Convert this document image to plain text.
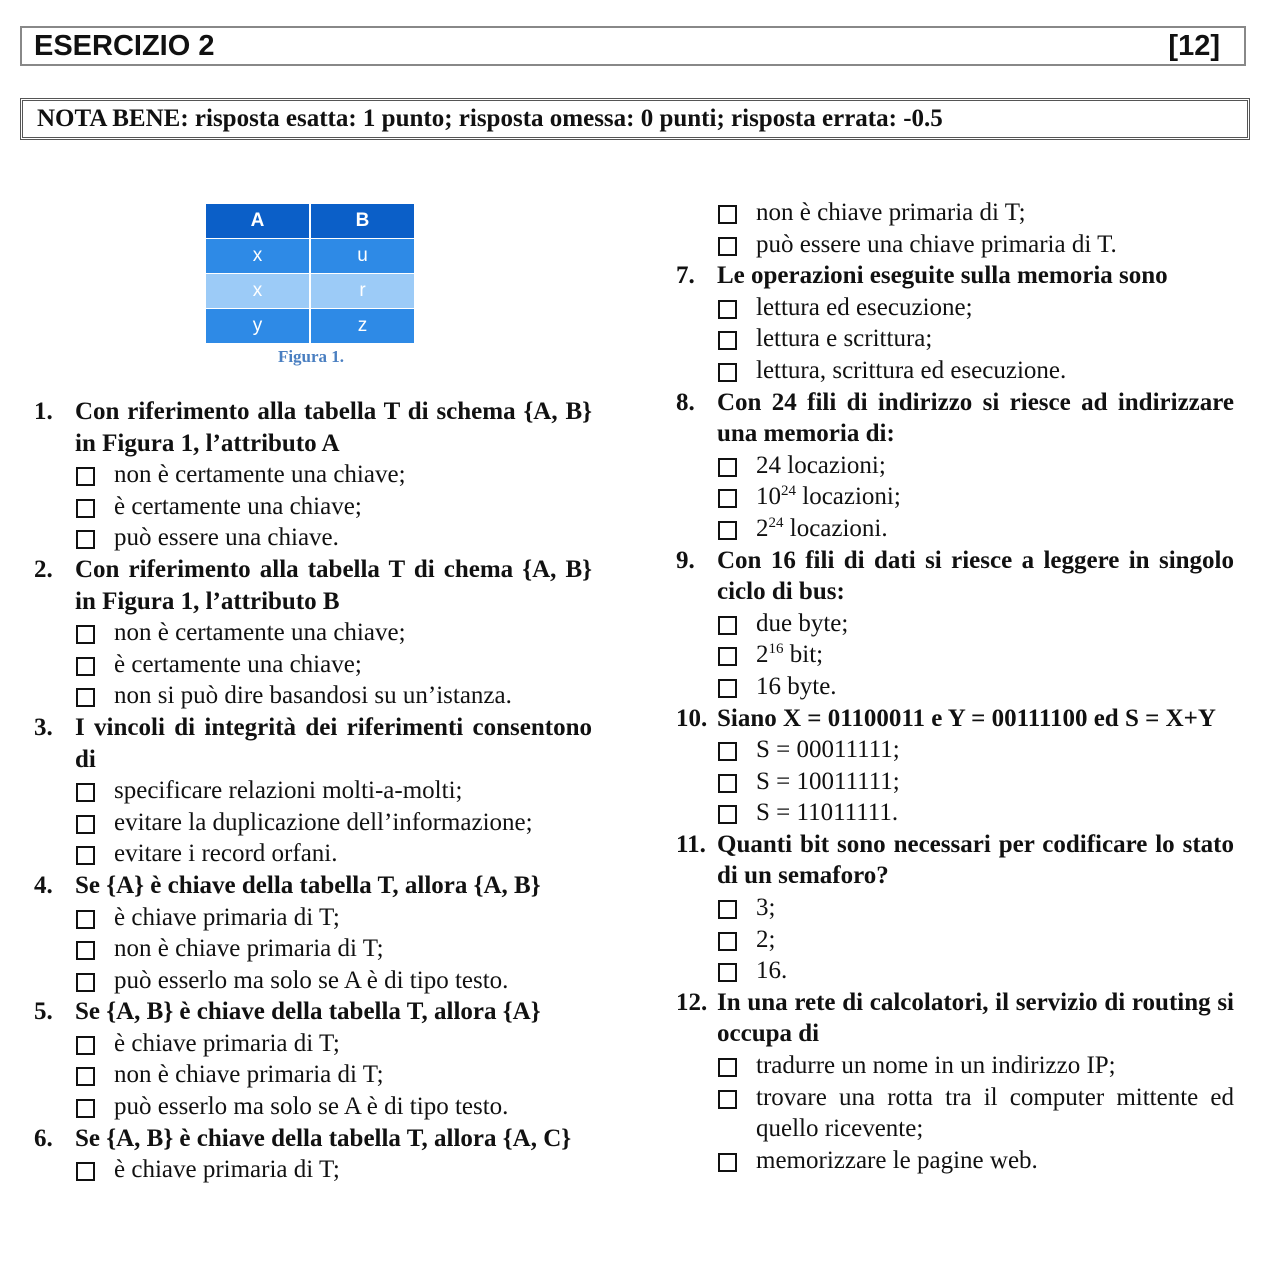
ESERCIZIO 2	[12]
NOTA BENE: risposta esatta: 1 punto; risposta omessa: 0 punti; risposta errata: -0.5
A	B
x	u
x	r
y	z
Figura 1.
1. Con riferimento alla tabella T di schema {A, B} in Figura 1, l’attributo A
non è certamente una chiave;
è certamente una chiave;
può essere una chiave.
2. Con riferimento alla tabella T di chema {A, B} in Figura 1, l’attributo B
non è certamente una chiave;
è certamente una chiave;
non si può dire basandosi su un’istanza.
3. I vincoli di integrità dei riferimenti consentono di
specificare relazioni molti-a-molti;
evitare la duplicazione dell’informazione;
evitare i record orfani.
4. Se {A} è chiave della tabella T, allora {A, B}
è chiave primaria di T;
non è chiave primaria di T;
può esserlo ma solo se A è di tipo testo.
5. Se {A, B} è chiave della tabella T, allora {A}
è chiave primaria di T;
non è chiave primaria di T;
può esserlo ma solo se A è di tipo testo.
6. Se {A, B} è chiave della tabella T, allora {A, C}
è chiave primaria di T;
non è chiave primaria di T;
può essere una chiave primaria di T.
7. Le operazioni eseguite sulla memoria sono
lettura ed esecuzione;
lettura e scrittura;
lettura, scrittura ed esecuzione.
8. Con 24 fili di indirizzo si riesce ad indirizzare una memoria di:
24 locazioni;
$10^{24}$ locazioni;
$2^{24}$ locazioni.
9. Con 16 fili di dati si riesce a leggere in singolo ciclo di bus:
due byte;
$2^{16}$ bit;
16 byte.
10. Siano X = 01100011 e Y = 00111100 ed S = X+Y
S = 00011111;
S = 10011111;
S = 11011111.
11. Quanti bit sono necessari per codificare lo stato di un semaforo?
3;
2;
16.
12. In una rete di calcolatori, il servizio di routing si occupa di
tradurre un nome in un indirizzo IP;
trovare una rotta tra il computer mittente ed quello ricevente;
memorizzare le pagine web.
